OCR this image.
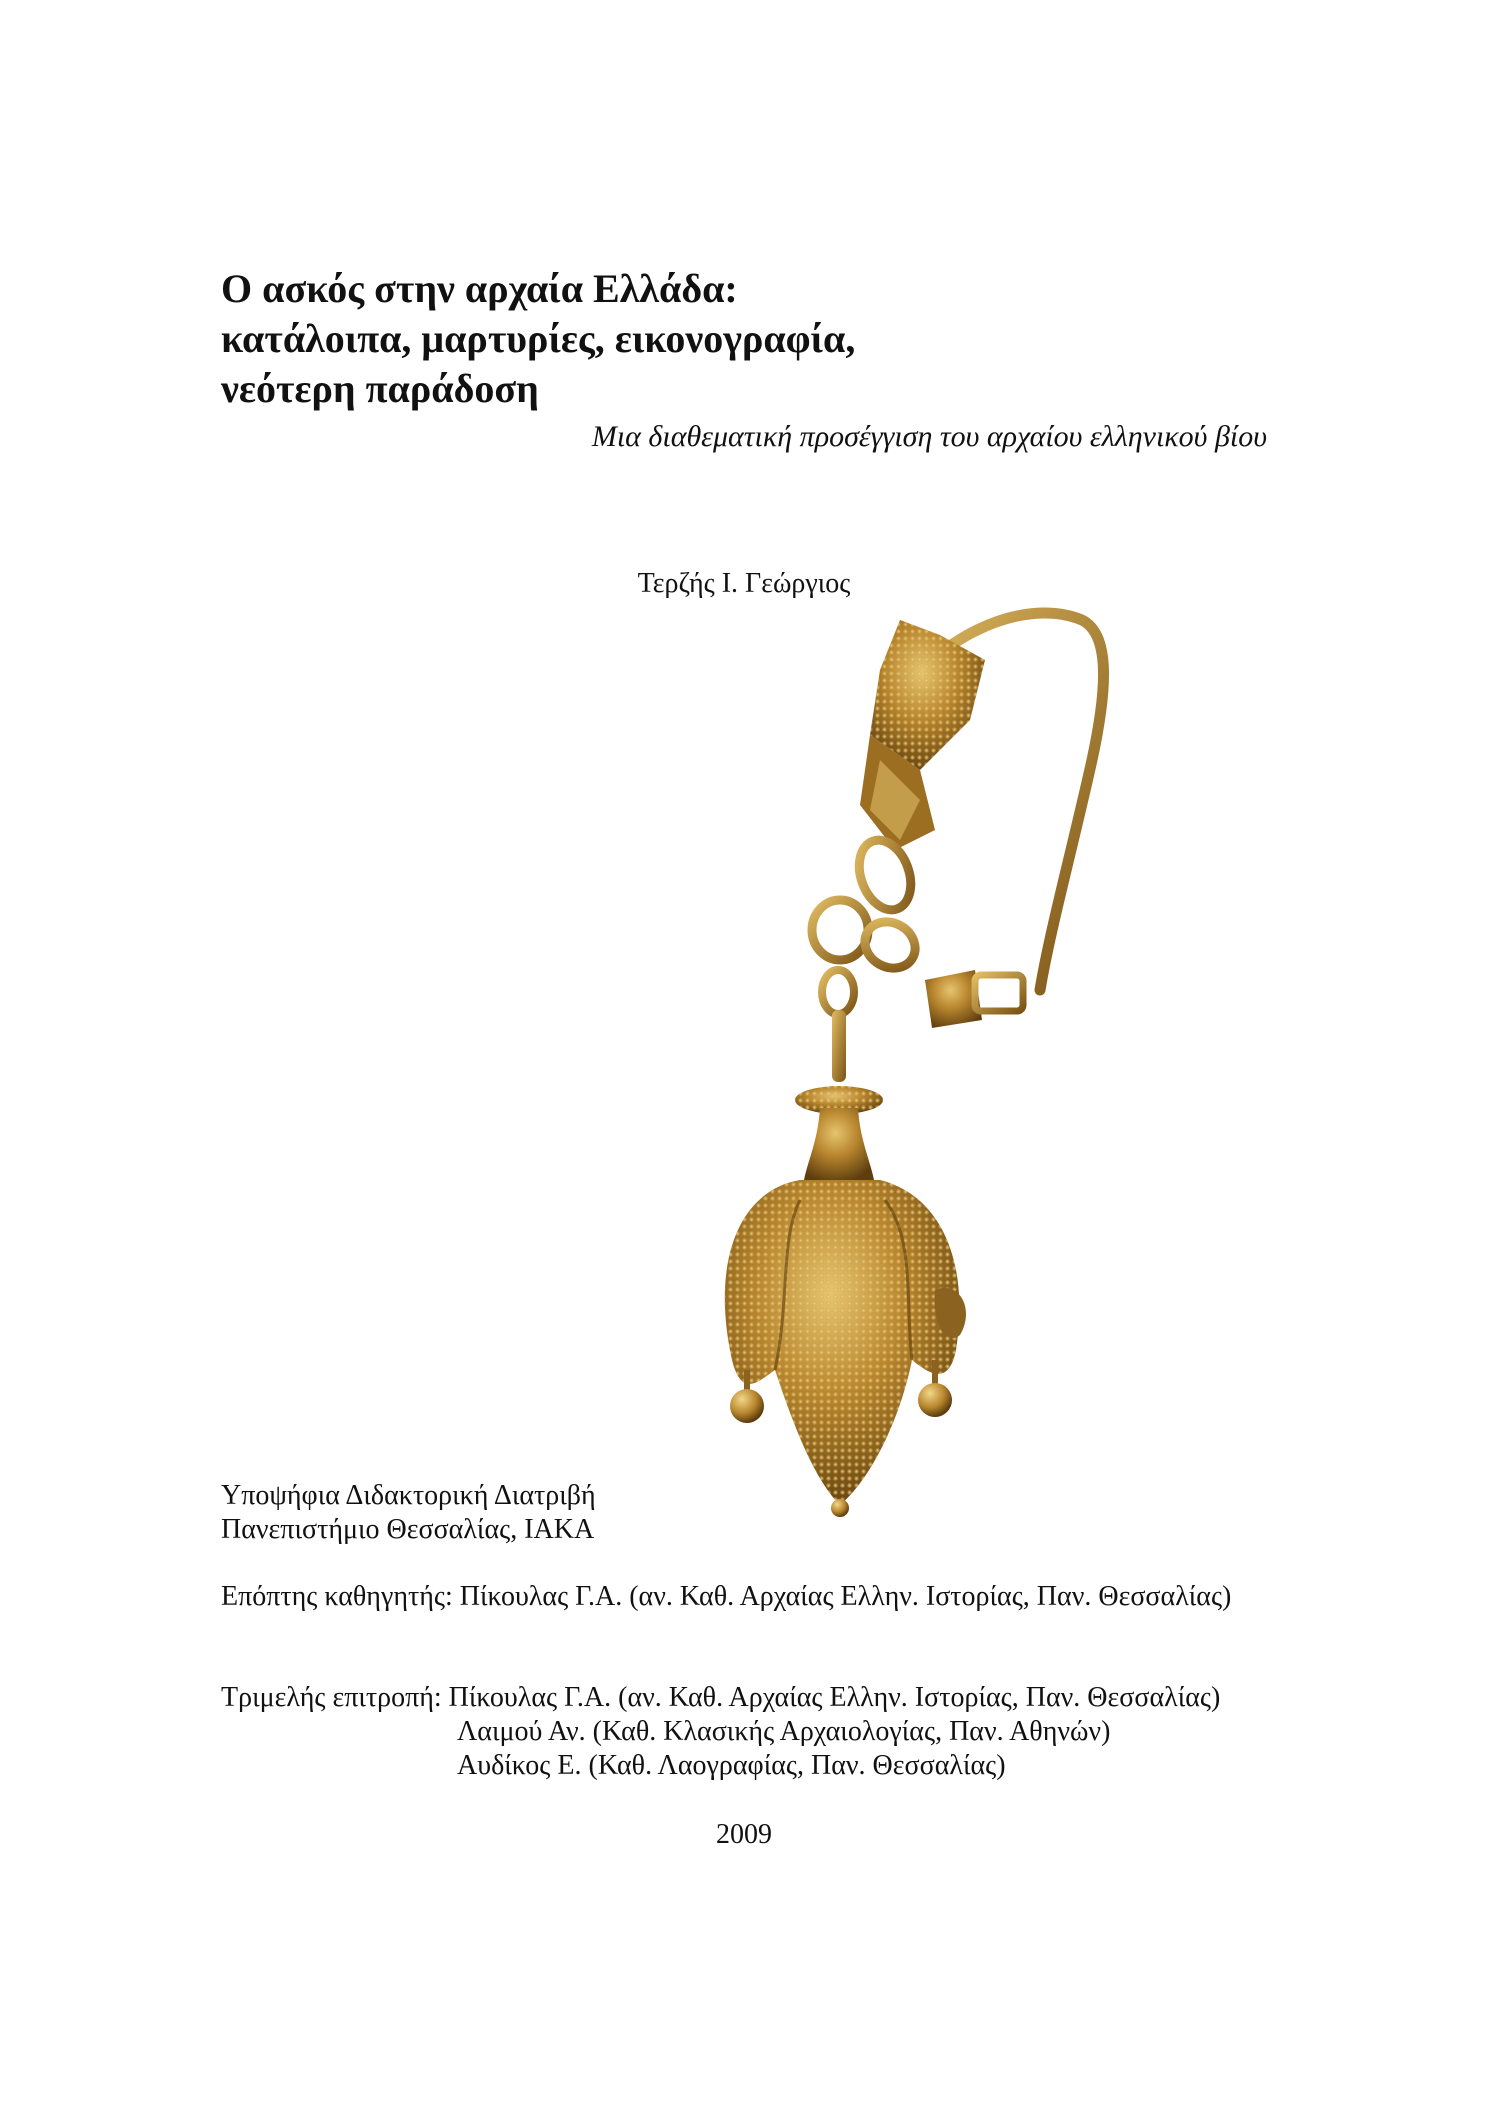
Ο ασκός στην αρχαία Ελλάδα:
κατάλοιπα, μαρτυρίες, εικονογραφία,
νεότερη παράδοση
Μια διαθεματική προσέγγιση του αρχαίου ελληνικού βίου
Τερζής Ι. Γεώργιος
Υποψήφια Διδακτορική Διατριβή
Πανεπιστήμιο Θεσσαλίας, ΙΑΚΑ
Επόπτης καθηγητής: Πίκουλας Γ.Α. (αν. Καθ. Αρχαίας Ελλην. Ιστορίας, Παν. Θεσσαλίας)
Τριμελής επιτροπή: Πίκουλας Γ.Α. (αν. Καθ. Αρχαίας Ελλην. Ιστορίας, Παν. Θεσσαλίας)
Λαιμού Αν. (Καθ. Κλασικής Αρχαιολογίας, Παν. Αθηνών)
Αυδίκος Ε. (Καθ. Λαογραφίας, Παν. Θεσσαλίας)
2009
